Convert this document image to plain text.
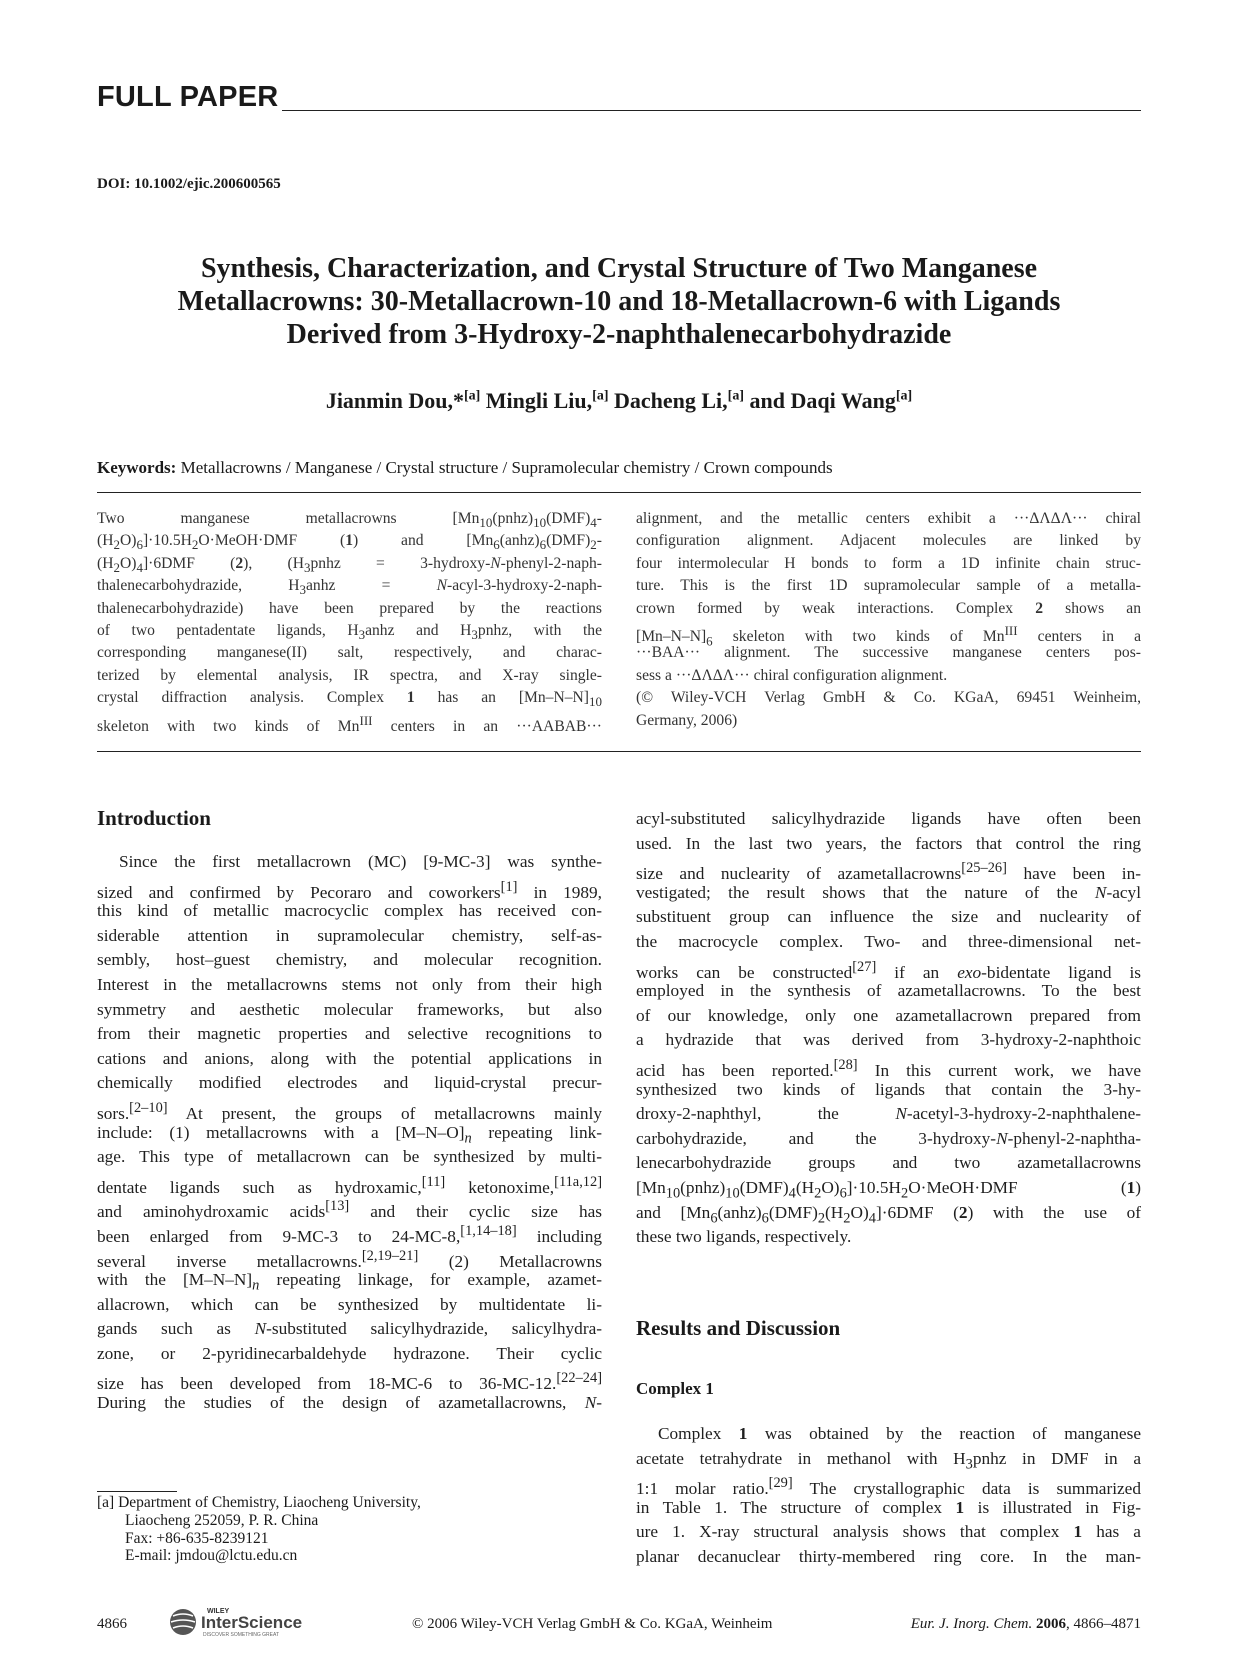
FULL PAPER
DOI: 10.1002/ejic.200600565
Synthesis, Characterization, and Crystal Structure of Two Manganese
Metallacrowns: 30-Metallacrown-10 and 18-Metallacrown-6 with Ligands
Derived from 3-Hydroxy-2-naphthalenecarbohydrazide
Jianmin Dou,*[a] Mingli Liu,[a] Dacheng Li,[a] and Daqi Wang[a]
Keywords: Metallacrowns / Manganese / Crystal structure / Supramolecular chemistry / Crown compounds
Two manganese metallacrowns [$Mn_{10}(pnhz)_{10}(DMF)_4-$
$(H_2O)_6]\cdot 10.5H_2O\cdot MeOH\cdot DMF$ (1) and [$Mn_6(anhz)_6(DMF)_2-$
$(H_2O)_4]\cdot 6DMF$ (2), ($H_3pnhz$ = 3-hydroxy-N-phenyl-2-naph-
thalenecarbohydrazide, $H_3anhz$ = N-acyl-3-hydroxy-2-naph-
thalenecarbohydrazide) have been prepared by the reactions
of two pentadentate ligands, $H_3anhz$ and $H_3pnhz$, with the
corresponding manganese(II) salt, respectively, and charac-
terized by elemental analysis, IR spectra, and X-ray single-
crystal diffraction analysis. Complex 1 has an $[Mn-N-N]_{10}$
skeleton with two kinds of $Mn^{III}$ centers in an ···AABAB···
alignment, and the metallic centers exhibit a ···ΔΛΔΛ··· chiral
configuration alignment. Adjacent molecules are linked by
four intermolecular H bonds to form a 1D infinite chain struc-
ture. This is the first 1D supramolecular sample of a metalla-
crown formed by weak interactions. Complex 2 shows an
$[Mn-N-N]_6$ skeleton with two kinds of $Mn^{III}$ centers in a
···BAA··· alignment. The successive manganese centers pos-
sess a ···ΔΛΔΛ··· chiral configuration alignment.
(© Wiley-VCH Verlag GmbH & Co. KGaA, 69451 Weinheim,
Germany, 2006)
Introduction
Since the first metallacrown (MC) [9-MC-3] was synthe-
sized and confirmed by Pecoraro and coworkers[1] in 1989,
this kind of metallic macrocyclic complex has received con-
siderable attention in supramolecular chemistry, self-as-
sembly, host–guest chemistry, and molecular recognition.
Interest in the metallacrowns stems not only from their high
symmetry and aesthetic molecular frameworks, but also
from their magnetic properties and selective recognitions to
cations and anions, along with the potential applications in
chemically modified electrodes and liquid-crystal precur-
sors.[2–10] At present, the groups of metallacrowns mainly
include: (1) metallacrowns with a $[M-N-O]_n$ repeating link-
age. This type of metallacrown can be synthesized by multi-
dentate ligands such as hydroxamic,[11] ketonoxime,[11a,12]
and aminohydroxamic acids[13] and their cyclic size has
been enlarged from 9-MC-3 to 24-MC-8,[1,14–18] including
several inverse metallacrowns.[2,19–21] (2) Metallacrowns
with the $[M-N-N]_n$ repeating linkage, for example, azamet-
allacrown, which can be synthesized by multidentate li-
gands such as N-substituted salicylhydrazide, salicylhydra-
zone, or 2-pyridinecarbaldehyde hydrazone. Their cyclic
size has been developed from 18-MC-6 to 36-MC-12.[22–24]
During the studies of the design of azametallacrowns, N-
acyl-substituted salicylhydrazide ligands have often been
used. In the last two years, the factors that control the ring
size and nuclearity of azametallacrowns[25–26] have been in-
vestigated; the result shows that the nature of the N-acyl
substituent group can influence the size and nuclearity of
the macrocycle complex. Two- and three-dimensional net-
works can be constructed[27] if an exo-bidentate ligand is
employed in the synthesis of azametallacrowns. To the best
of our knowledge, only one azametallacrown prepared from
a hydrazide that was derived from 3-hydroxy-2-naphthoic
acid has been reported.[28] In this current work, we have
synthesized two kinds of ligands that contain the 3-hy-
droxy-2-naphthyl, the N-acetyl-3-hydroxy-2-naphthalene-
carbohydrazide, and the 3-hydroxy-N-phenyl-2-naphtha-
lenecarbohydrazide groups and two azametallacrowns
$[Mn_{10}(pnhz)_{10}(DMF)_4(H_2O)_6]\cdot 10.5H_2O\cdot MeOH\cdot DMF$ (1)
and $[Mn_6(anhz)_6(DMF)_2(H_2O)_4]\cdot 6DMF$ (2) with the use of
these two ligands, respectively.
Results and Discussion
Complex 1
Complex 1 was obtained by the reaction of manganese
acetate tetrahydrate in methanol with $H_3pnhz$ in DMF in a
1:1 molar ratio.[29] The crystallographic data is summarized
in Table 1. The structure of complex 1 is illustrated in Fig-
ure 1. X-ray structural analysis shows that complex 1 has a
planar decanuclear thirty-membered ring core. In the man-
[a] Department of Chemistry, Liaocheng University,
Liaocheng 252059, P. R. China
Fax: +86-635-8239121
E-mail: jmdou@lctu.edu.cn
4866
WILEY
InterScience
DISCOVER SOMETHING GREAT
© 2006 Wiley-VCH Verlag GmbH & Co. KGaA, Weinheim	Eur. J. Inorg. Chem. 2006, 4866–4871
